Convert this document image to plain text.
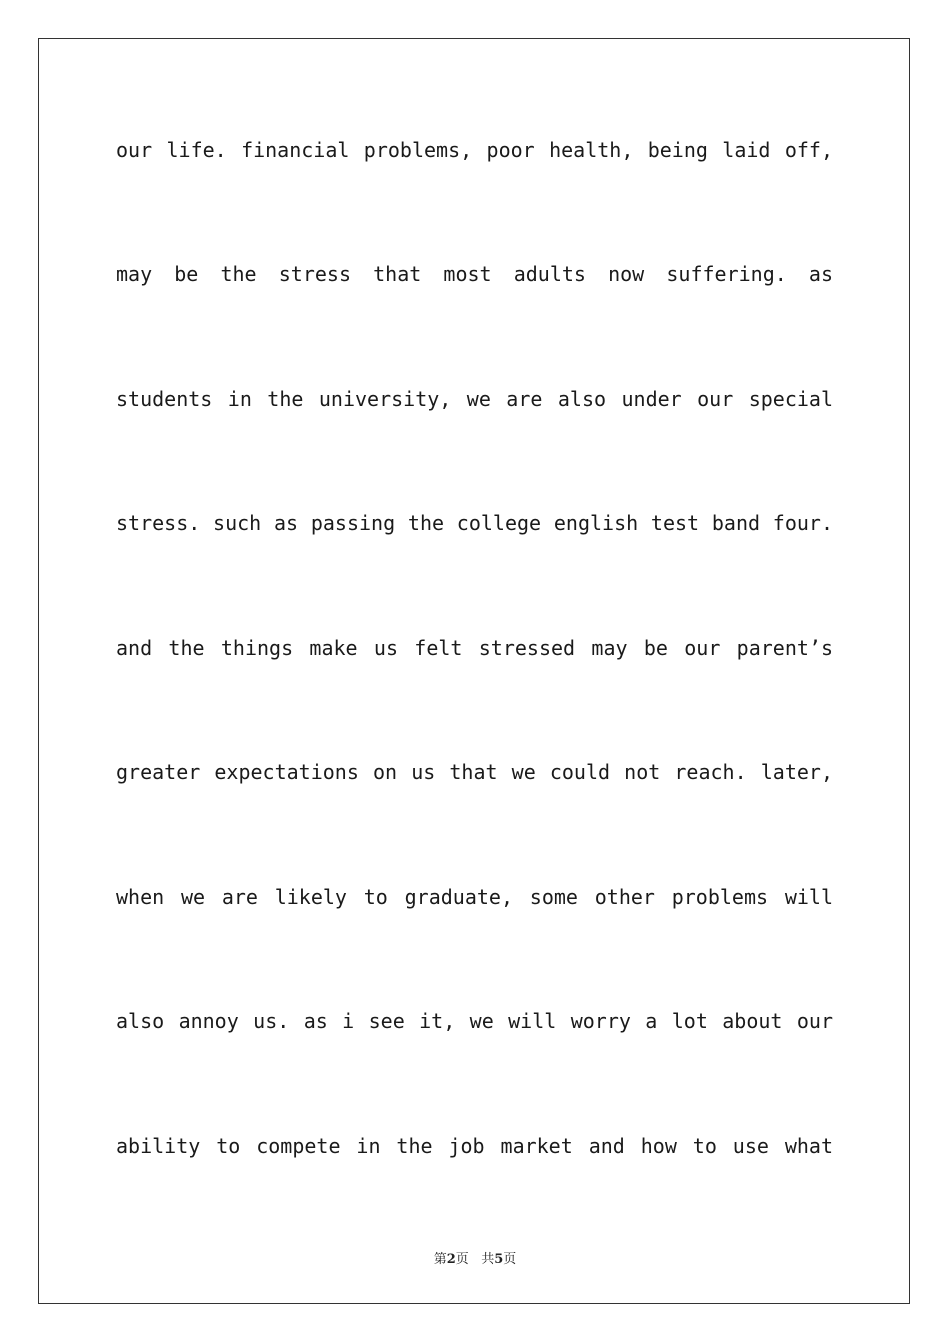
our life. financial problems, poor health, being laid off,
may be the stress that most adults now suffering. as
students in the university, we are also under our special
stress. such as passing the college english test band four.
and the things make us felt stressed may be our parent’s
greater expectations on us that we could not reach. later,
when we are likely to graduate, some other problems will
also annoy us. as i see it, we will worry a lot about our
ability to compete in the job market and how to use what
第2页 共5页
